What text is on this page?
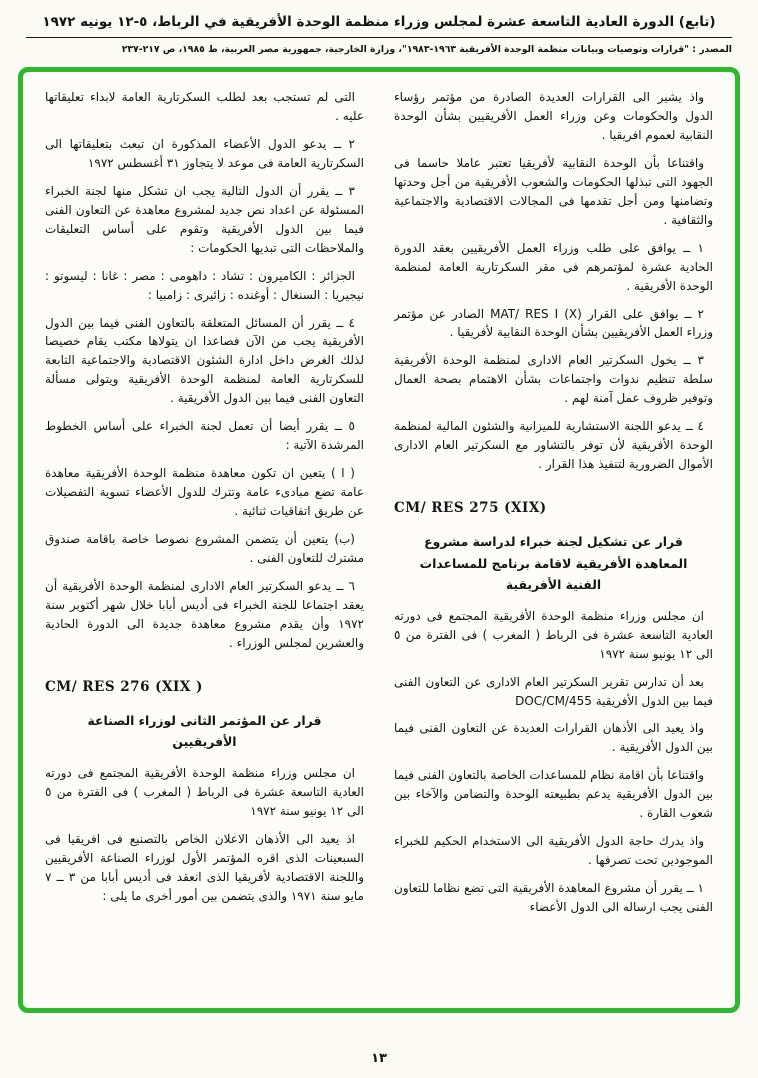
(تابع) الدورة العادية التاسعة عشرة لمجلس وزراء منظمة الوحدة الأفريقية في الرباط، ٥-١٢ يونيه ١٩٧٢
المصدر : "قرارات وتوصيات وبيانات منظمة الوحدة الأفريقية ١٩٦٣-١٩٨٣"، وزارة الخارجية، جمهورية مصر العربية، ط ١٩٨٥، ص ٢١٧-٢٣٧
واذ يشير الى القرارات العديدة الصادرة من مؤتمر رؤساء الدول والحكومات وعن وزراء العمل الأفريقيين بشأن الوحدة النقابية لعموم افريقيا .
واقتناعا بأن الوحدة النقابية لأفريقيا تعتبر عاملا حاسما فى الجهود التى تبذلها الحكومات والشعوب الأفريقية من أجل وحدتها وتضامنها ومن أجل تقدمها فى المجالات الاقتصادية والاجتماعية والثقافية .
١ ــ يوافق على طلب وزراء العمل الأفريقيين بعقد الدورة الحادية عشرة لمؤتمرهم فى مقر السكرتارية العامة لمنظمة الوحدة الأفريقية .
٢ ــ يوافق على القرار MAT/ RES I (X) الصادر عن مؤتمر وزراء العمل الأفريقيين بشأن الوحدة النقابية لأفريقيا .
٣ ــ يخول السكرتير العام الادارى لمنظمة الوحدة الأفريقية سلطة تنظيم ندوات واجتماعات بشأن الاهتمام بصحة العمال وتوفير ظروف عمل آمنة لهم .
٤ ــ يدعو اللجنة الاستشارية للميزانية والشئون المالية لمنظمة الوحدة الأفريقية لأن توفر بالتشاور مع السكرتير العام الادارى الأموال الضرورية لتنفيذ هذا القرار .
CM/ RES 275 (XIX)
قرار عن تشكيل لجنة خبراء لدراسة مشروع المعاهدة الأفريقية لاقامة برنامج للمساعدات الفنية الأفريقية
ان مجلس وزراء منظمة الوحدة الأفريقية المجتمع فى دورته العادية التاسعة عشرة فى الرباط ( المغرب ) فى الفترة من ٥ الى ١٢ يونيو سنة ١٩٧٢
بعد أن تدارس تقرير السكرتير العام الادارى عن التعاون الفنى فيما بين الدول الأفريقية DOC/CM/455
واذ يعيد الى الأذهان القرارات العديدة عن التعاون الفنى فيما بين الدول الأفريقية .
واقتناعا بأن اقامة نظام للمساعدات الخاصة بالتعاون الفنى فيما بين الدول الأفريقية يدعم بطبيعته الوحدة والتضامن والآخاء بين شعوب القارة .
واذ يدرك حاجة الدول الأفريقية الى الاستخدام الحكيم للخبراء الموجودين تحت تصرفها .
١ ــ يقرر أن مشروع المعاهدة الأفريقية التى تضع نظاما للتعاون الفنى يجب ارساله الى الدول الأعضاء
التى لم تستجب بعد لطلب السكرتارية العامة لابداء تعليقاتها عليه .
٢ ــ يدعو الدول الأعضاء المذكورة ان تبعث بتعليقاتها الى السكرتارية العامة فى موعد لا يتجاوز ٣١ أغسطس ١٩٧٢
٣ ــ يقرر أن الدول التالية يجب ان تشكل منها لجنة الخبراء المسئولة عن اعداد نص جديد لمشروع معاهدة عن التعاون الفنى فيما بين الدول الأفريقية وتقوم على أساس التعليقات والملاحظات التى تبديها الحكومات :
الجزائر : الكاميرون : تشاد : داهومى : مصر : غانا : ليسوتو : نيجيريا : السنغال : أوغنده : زائيرى : زامبيا :
٤ ــ يقرر أن المسائل المتعلقة بالتعاون الفنى فيما بين الدول الأفريقية يجب من الآن فصاعدا ان يتولاها مكتب يقام خصيصا لذلك الغرض داخل ادارة الشئون الاقتصادية والاجتماعية التابعة للسكرتارية العامة لمنظمة الوحدة الأفريقية ويتولى مسألة التعاون الفنى فيما بين الدول الأفريقية .
٥ ــ يقرر أيضا أن تعمل لجنة الخبراء على أساس الخطوط المرشدة الآتية :
( ا ) يتعين ان تكون معاهدة منظمة الوحدة الأفريقية معاهدة عامة تضع مبادىء عامة وتترك للدول الأعضاء تسوية التفصيلات عن طريق اتفاقيات ثنائية .
(ب) يتعين أن يتضمن المشروع نصوصا خاصة باقامة صندوق مشترك للتعاون الفنى .
٦ ــ يدعو السكرتير العام الادارى لمنظمة الوحدة الأفريقية أن يعقد اجتماعا للجنة الخبراء فى أديس أبابا خلال شهر أكتوبر سنة ١٩٧٢ وأن يقدم مشروع معاهدة جديدة الى الدورة الحادية والعشرين لمجلس الوزراء .
CM/ RES 276 (XIX )
قرار عن المؤتمر الثانى لوزراء الصناعة الأفريقيين
ان مجلس وزراء منظمة الوحدة الأفريقية المجتمع فى دورته العادية التاسعة عشرة فى الرباط ( المغرب ) فى الفترة من ٥ الى ١٢ يونيو سنة ١٩٧٢
اذ يعيد الى الأذهان الاعلان الخاص بالتصنيع فى افريقيا فى السبعينات الذى اقره المؤتمر الأول لوزراء الصناعة الأفريقيين واللجنة الاقتصادية لأفريقيا الذى انعقد فى أديس أبابا من ٣ ــ ٧ مايو سنة ١٩٧١ والذى يتضمن بين أمور أخرى ما يلى :
١٣
